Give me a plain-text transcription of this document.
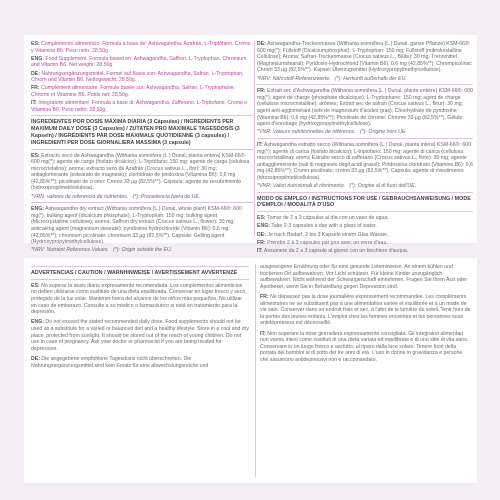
ES: Complemento alimenticio. Fórmula a base de: Ashwagandha, Azafrán, L-Triptófano, Cromo y Vitamina B6. Peso neto: 28,50g.

ENG: Food Supplement. Formula based on: Ashwagandha, Saffron, L-Tryptophan, Chromium and Vitamin B6. Net weight: 28,50g.

DE: Nahrungsergänzungsmittel. Formel auf Basis von: Ashwagandha, Safran, L-Tryptophan, Chrom und Vitamin B6. Nettogewicht: 28,50g.

FR: Complément alimentaire. Formule basée sur: Ashwagandha, Safran, L-Tryptophane, Chrome et Vitamine B6. Poids net: 28,50g.

IT: Integratore alimentare. Formula a base di: Ashwagandha, Zafferano, L-Triptofano, Cromo e Vitamina B6. Peso netto: 28,50g.

INGREDIENTES POR DOSIS MÁXIMA DIARIA (3 Cápsulas) / INGREDIENTS PER MAXIMUM DAILY DOSE (3 Capsules) / ZUTATEN PRO MAXIMALE TAGESDOSIS (3 Kapseln) / INGRÉDIENTS PAR DOSE MAXIMALE QUOTIDIENNE (3 capsules) / INGREDIENTI PER DOSE GIORNALIERA MASSIMA (3 capsule)

ES: Extracto seco de Ashwagandha (Withania somnifera (L.) Dunal, planta entera) KSM-66®: 600 mg(*); agente de carga (fosfato dicálcico); L-Triptófano: 150 mg; agente de carga (celulosa microcristalina); aroma; extracto seco de Azafrán (Crocus sativus L., flor): 30 mg; antiaglomerante (estearato de magnesio); clorhidrato de piridoxina (Vitamina B6): 0,6 mg (42,85%**); picolinato de cromo: Cromo 33 µg (82,5%**). Cápsula: agente de recubrimiento (hidroxipropilmetilcelulosa).

*VRN: valores de referencia de nutrientes. (*): Procedencia fuera de UE.

ENG: Ashwagandha dry extract (Withania somnifera (L.) Dunal, whole plant) KSM-66®: 600 mg(*); bulking agent (dicalcium phosphate); L-Tryptophan: 150 mg; bulking agent (Microcrystalline cellulose); aroma; Saffron dry extract (Crocus sativus L., flower): 30 mg; anticaking agent (magnesium stearate); pyridoxine hydrochloride (Vitamin B6): 0,6 mg (42,85%**); chromium picolinate: chromium 33 µg (82,5%**). Capsule: Gelling agent (Hydroxypropylmethylcellulose).

*NRV: Nutrient Reference Values. (*): Origin outside the EU.

DE: Ashwagandha-Trockenmasse (Withania somnifera (L.) Dunal, ganze Pflanze) KSM-66®: 600 mg(*); Füllstoff (Dicalciumphosphat); L-Tryptophan: 150 mg; Füllstoff (mikrokristalline Cellulose); Aroma; Safran-Trockenmasse (Crocus sativus L., Blüte): 30 mg; Trennmittel (Magnesiumstearat); Pyridoxin-Hydrochlorid (Vitamin B6): 0,6 mg (42,85%**); Chrompicolinat: Chrom 33 µg (82,5%**). Kapsel: Überzugsmittel (Hydroxypropylmethylcellulose).

*NRV: Nährstoff-Referenzwerte. (*): Herkunft außerhalb der EU.

FR: Extrait sec d'Ashwagandha (Withania somnifera (L.) Dunal, plante entière) KSM-66®: 600 mg(*); agent de charge (phosphate dicalcique); L-Tryptophane: 150 mg; agent de charge (cellulose microcristalline); arômes; Extrait sec de safran (Crocus sativus L., fleur): 30 mg; agent anti-agglomérant (sels de magnésium d'acides gras); Chlorhydrate de pyridoxine (Vitamine B6): 0,6 mg (42,85%**); Picolinate de chrome: Chrome 33 µg (82,5%**). Gélule: agent d'enrobage (hydroxypropylméthylcellulose).

*VNR: Valeurs nutritionnelles de référence. (*): Origine hors UE.

IT: Ashwagandha estratto secco (Withania somnifera (L.) Dunal, pianta intera) KSM-66®: 600 mg(*); agente di carica (fosfato bicalcico); L-triptofano: 150 mg; agente di carica (cellulosa microcristallina); aromi; Estratto secco di zafferano (Crocus sativus L., fiore): 30 mg; agente antiagglomerante (sali di magnesio degli acidi grassi); Piridossina cloridrato (Vitamina B6): 0,6 mg (42,85%**); Cromo picolinato: cromo 33 µg (82,5%**). Capsula: agente di rivestimento (idrossipropilmetilcellulosa).

*VNR: Valori nutrizionali di riferimento. (*): Origine al di fuori dell'UE.

MODO DE EMPLEO / INSTRUCTIONS FOR USE / GEBRAUCHSANWEISUNG / MODE D'EMPLOI / MODALITÀ D'USO

ES: Tomar de 2 a 3 cápsulas al día con un vaso de agua.

ENG: Take 2-3 capsules a day with a glass of water.

DE: Je nach Bedarf, 2 bis 3 Kapseln einem Glas Wasser.

FR: Prendre 2 à 3 capsules par jour avec un verre d'eau.

IT: Assumere da 2 a 3 capsule al giorno con un bicchiere d'acqua.

ADVERTENCIAS / CAUTION / WARNHINWEISE / AVERTISSEMENT AVVERTENZE

ES: No superar la dosis diaria expresamente recomendada. Los complementos alimenticios no deben utilizarse como sustituto de una dieta equilibrada. Conservar en lugar fresco y seco, protegido de la luz solar. Mantener fuera del alcance de los niños más pequeños. No utilizar en caso de embarazo. Consulte a su médico o farmacéutico si está en tratamiento para la depresión.

ENG: Do not exceed the stated recommended daily dose. Food supplements should not be used as a substitute for a varied or balanced diet and a healthy lifestyle. Store in a cool and dry place, protected from sunlight. It should be stored out of the reach of young children. Do not use in case of pregnancy. Ask your doctor or pharmacist if you are being treated for depression.

DE: Die angegebene empfohlene Tagesdosis nicht überschreiten. Die Nahrungsergänzungsmittel sind kein Ersatz für eine abwechslungsreiche und

ausgewogene Ernährung oder für eine gesunde Lebensweise. An einem kühlen und trockenen Ort aufbewahren. Vor Licht schützen. Für kleine Kinder unzugänglich aufbewahren. Nicht während der Schwangerschaft einnehmen. Fragen Sie Ihren Arzt oder Apotheker, wenn Sie in Behandlung gegen Depression sind.

FR: Ne dépassez pas la dose journalière expressément recommandée. Les compléments alimentaires ne se substituent pas à une alimentation variée et équilibrée et à un mode de vie sain. Conserver dans un endroit frais et sec, à l'abri de la lumière du soleil. Tenir hors de la portée des jeunes enfants. L'emploi chez les femmes enceintes et les personnes sous antidépresseur est déconseillé.

IT: Non superare la dose giornaliera espressamente consigliata. Gli integratori alimentari non vanno intesi come sostituti di una dieta variata ed equilibrata e di uno stile di vita sano. Conservare in un luogo fresco e asciutto, al riparo dalla luce solare. Tenere fuori della portata dei bambini al di sotto dei tre anni di età. L'uso in donne in gravidanza e persone che assumono antidepressivi non è raccomandato.
